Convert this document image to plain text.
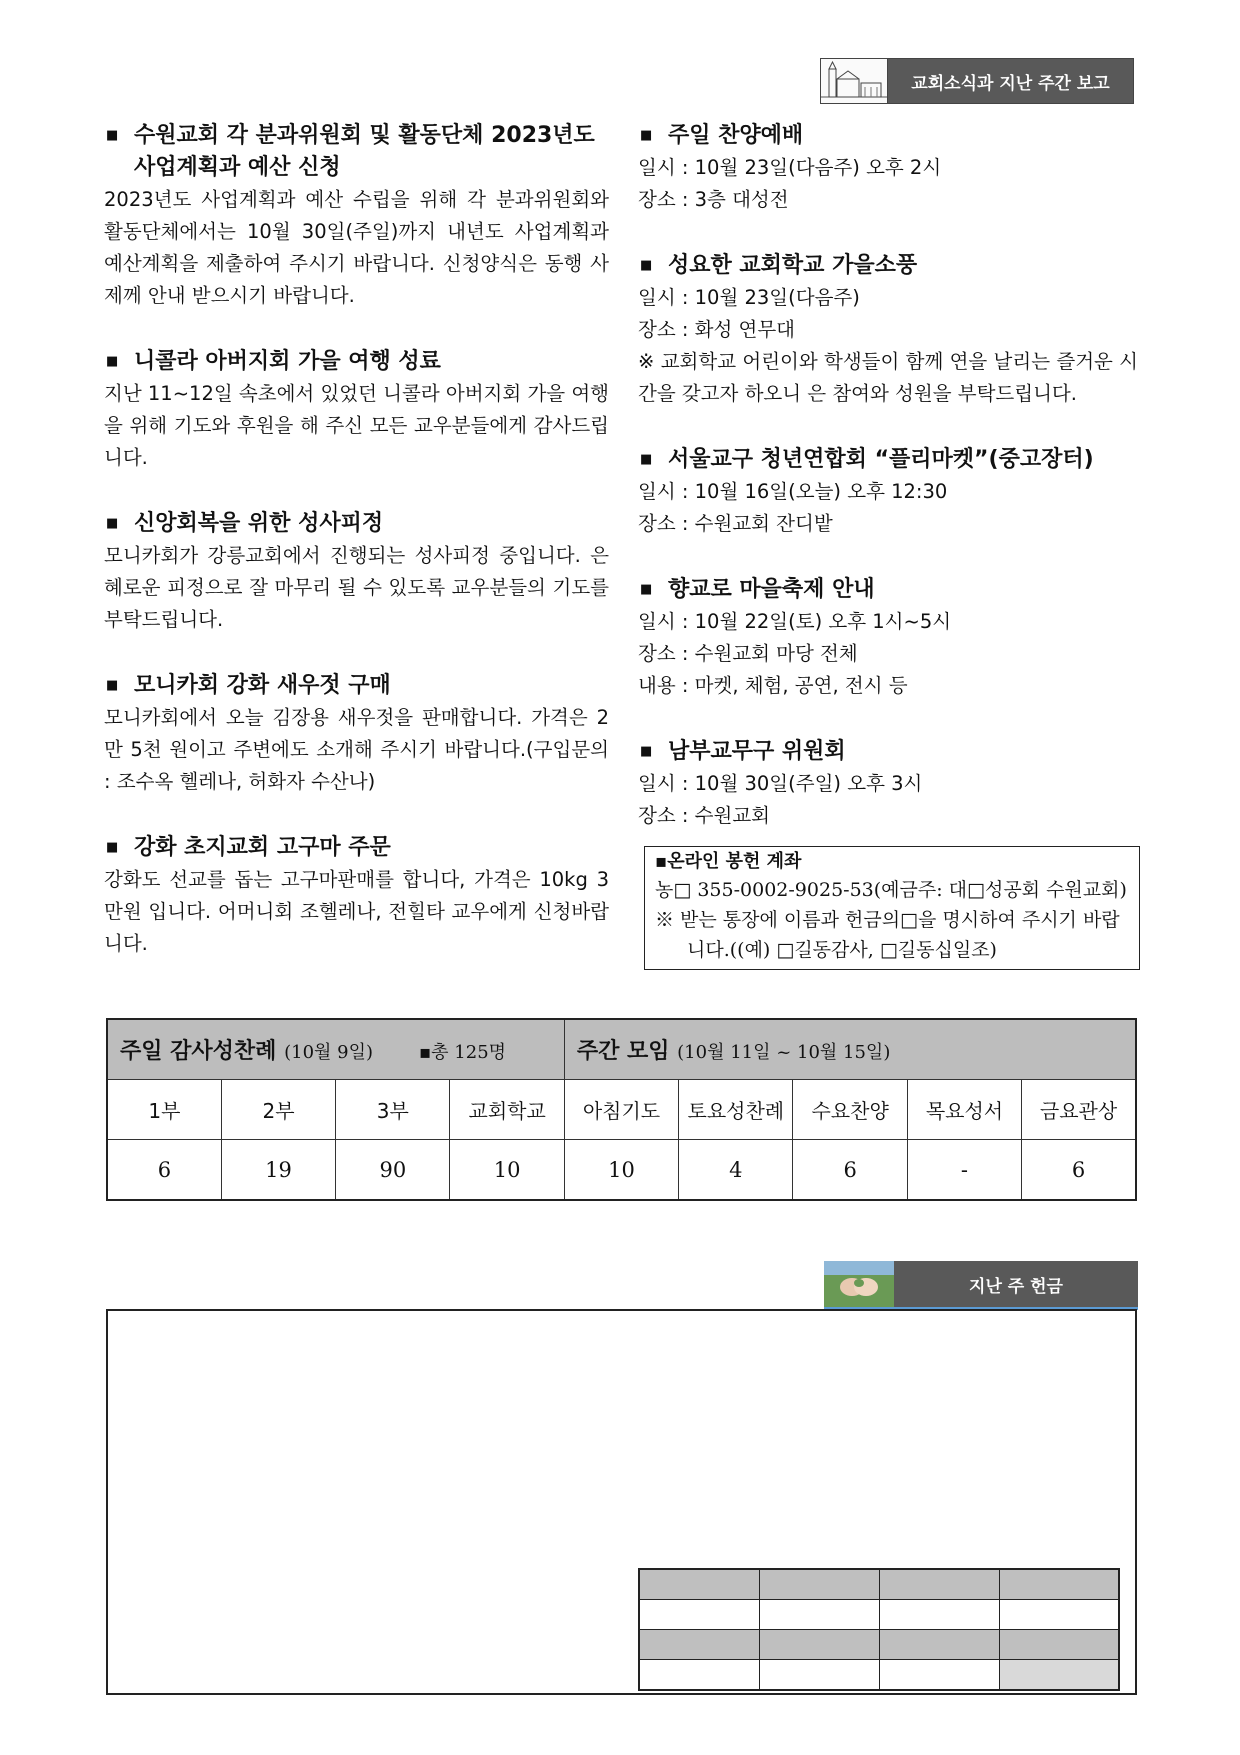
교회소식과 지난 주간 보고
■ 수원교회 각 분과위원회 및 활동단체 2023년도
사업계획과 예산 신청
2023년도 사업계획과 예산 수립을 위해 각 분과위원회와 활동단체에서는 10월 30일(주일)까지 내년도 사업계획과 예산계획을 제출하여 주시기 바랍니다. 신청양식은 동행 사제께 안내 받으시기 바랍니다.
■ 니콜라 아버지회 가을 여행 성료
지난 11~12일 속초에서 있었던 니콜라 아버지회 가을 여행을 위해 기도와 후원을 해 주신 모든 교우분들에게 감사드립니다.
■ 신앙회복을 위한 성사피정
모니카회가 강릉교회에서 진행되는 성사피정 중입니다. 은혜로운 피정으로 잘 마무리 될 수 있도록 교우분들의 기도를 부탁드립니다.
■ 모니카회 강화 새우젓 구매
모니카회에서 오늘 김장용 새우젓을 판매합니다. 가격은 2만 5천 원이고 주변에도 소개해 주시기 바랍니다.(구입문의 : 조수옥 헬레나, 허화자 수산나)
■ 강화 초지교회 고구마 주문
강화도 선교를 돕는 고구마판매를 합니다, 가격은 10kg 3만원 입니다. 어머니회 조헬레나, 전힐타 교우에게 신청바랍니다.
■ 주일 찬양예배
일시 : 10월 23일(다음주) 오후 2시
장소 : 3층 대성전
■ 성요한 교회학교 가을소풍
일시 : 10월 23일(다음주)
장소 : 화성 연무대
※ 교회학교 어린이와 학생들이 함께 연을 날리는 즐거운 시간을 갖고자 하오니 은 참여와 성원을 부탁드립니다.
■ 서울교구 청년연합회 “플리마켓”(중고장터)
일시 : 10월 16일(오늘) 오후 12:30
장소 : 수원교회 잔디밭
■ 향교로 마을축제 안내
일시 : 10월 22일(토) 오후 1시~5시
장소 : 수원교회 마당 전체
내용 : 마켓, 체험, 공연, 전시 등
■ 남부교무구 위원회
일시 : 10월 30일(주일) 오후 3시
장소 : 수원교회
▪온라인 봉헌 계좌
농□ 355-0002-9025-53(예금주: 대□성공회 수원교회)
※ 받는 통장에 이름과 헌금의□을 명시하여 주시기 바랍니다.((예) □길동감사, □길동십일조)
주일 감사성찬례 (10월 9일) ▪총 125명				주간 모임 (10월 11일 ~ 10월 15일)				
1부	2부	3부	교회학교	아침기도	토요성찬례	수요찬양	목요성서	금요관상
6	19	90	10	10	4	6	-	6
지난 주 헌금
